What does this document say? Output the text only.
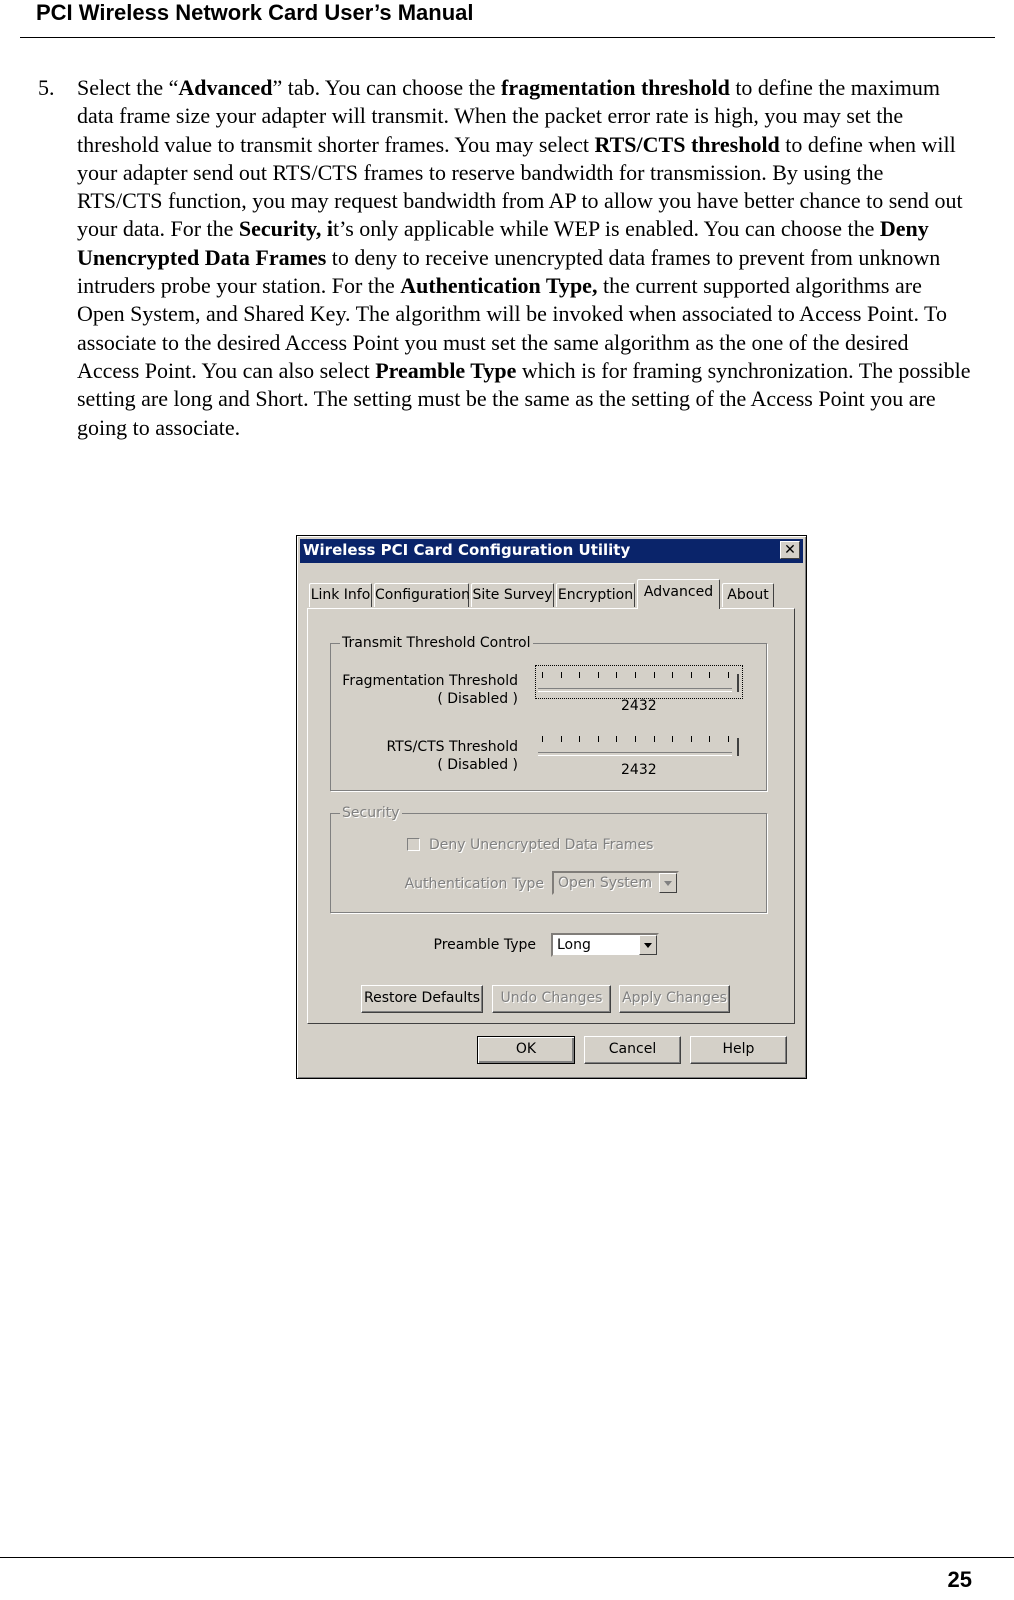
PCI Wireless Network Card User’s Manual
5. Select the “Advanced” tab. You can choose the fragmentation threshold to define the maximum data frame size your adapter will transmit. When the packet error rate is high, you may set the threshold value to transmit shorter frames. You may select RTS/CTS threshold to define when will your adapter send out RTS/CTS frames to reserve bandwidth for transmission. By using the RTS/CTS function, you may request bandwidth from AP to allow you have better chance to send out your data. For the Security, it’s only applicable while WEP is enabled. You can choose the Deny Unencrypted Data Frames to deny to receive unencrypted data frames to prevent from unknown intruders probe your station. For the Authentication Type, the current supported algorithms are Open System, and Shared Key. The algorithm will be invoked when associated to Access Point. To associate to the desired Access Point you must set the same algorithm as the one of the desired Access Point. You can also select Preamble Type which is for framing synchronization. The possible setting are long and Short. The setting must be the same as the setting of the Access Point you are going to associate.
Wireless PCI Card Configuration Utility	✕
Link Info Configuration Site Survey Encryption Advanced	About
Transmit Threshold Control
Fragmentation Threshold
( Disabled )	2432
RTS/CTS Threshold
( Disabled )	2432
Security
Deny Unencrypted Data Frames
Authentication Type Open System
Preamble Type Long
Restore Defaults	Undo Changes	Apply Changes
OK	Cancel	Help
25
